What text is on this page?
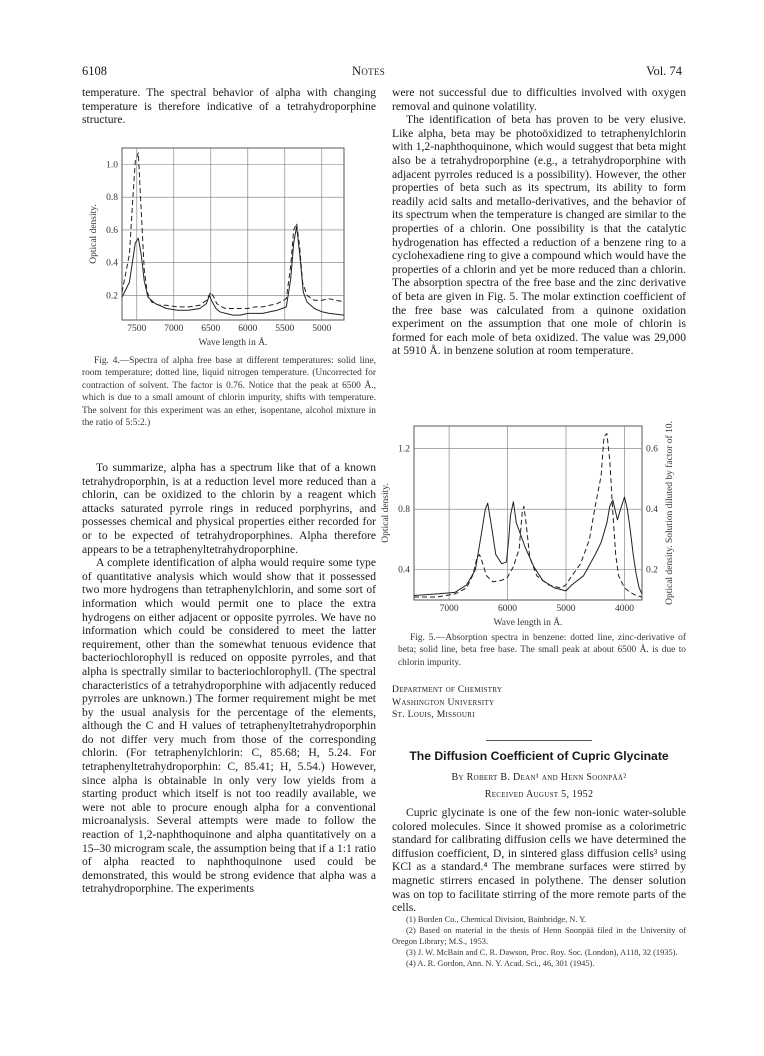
6108	Notes	Vol. 74

temperature. The spectral behavior of alpha with changing temperature is therefore indicative of a tetrahydroporphine structure.

7500 7000 6500 6000 5500 5000
0.2
0.4
0.6
0.8
1.0
Wave length in Å.
Optical density.

Fig. 4.—Spectra of alpha free base at different temperatures: solid line, room temperature; dotted line, liquid nitrogen temperature. (Uncorrected for contraction of solvent. The factor is 0.76. Notice that the peak at 6500 Å., which is due to a small amount of chlorin impurity, shifts with temperature. The solvent for this experiment was an ether, isopentane, alcohol mixture in the ratio of 5:5:2.)

To summarize, alpha has a spectrum like that of a known tetrahydroporphin, is at a reduction level more reduced than a chlorin, can be oxidized to the chlorin by a reagent which attacks saturated pyrrole rings in reduced porphyrins, and possesses chemical and physical properties either recorded for or to be expected of tetrahydroporphines. Alpha therefore appears to be a tetraphenyltetrahydroporphine.

A complete identification of alpha would require some type of quantitative analysis which would show that it possessed two more hydrogens than tetraphenylchlorin, and some sort of information which would permit one to place the extra hydrogens on either adjacent or opposite pyrroles. We have no information which could be considered to meet the latter requirement, other than the somewhat tenuous evidence that bacteriochlorophyll is reduced on opposite pyrroles, and that alpha is spectrally similar to bacteriochlorophyll. (The spectral characteristics of a tetrahydroporphine with adjacently reduced pyrroles are unknown.) The former requirement might be met by the usual analysis for the percentage of the elements, although the C and H values of tetraphenyltetrahydroporphin do not differ very much from those of the corresponding chlorin. (For tetraphenylchlorin: C, 85.68; H, 5.24. For tetraphenyltetrahydroporphin: C, 85.41; H, 5.54.) However, since alpha is obtainable in only very low yields from a starting product which itself is not too readily available, we were not able to procure enough alpha for a conventional microanalysis. Several attempts were made to follow the reaction of 1,2-naphthoquinone and alpha quantitatively on a 15–30 microgram scale, the assumption being that if a 1:1 ratio of alpha reacted to naphthoquinone used could be demonstrated, this would be strong evidence that alpha was a tetrahydroporphine. The experiments

were not successful due to difficulties involved with oxygen removal and quinone volatility.

The identification of beta has proven to be very elusive. Like alpha, beta may be photoöxidized to tetraphenylchlorin with 1,2-naphthoquinone, which would suggest that beta might also be a tetrahydroporphine (e.g., a tetrahydroporphine with adjacent pyrroles reduced is a possibility). However, the other properties of beta such as its spectrum, its ability to form readily acid salts and metallo-derivatives, and the behavior of its spectrum when the temperature is changed are similar to the properties of a chlorin. One possibility is that the catalytic hydrogenation has effected a reduction of a benzene ring to a cyclohexadiene ring to give a compound which would have the properties of a chlorin and yet be more reduced than a chlorin. The absorption spectra of the free base and the zinc derivative of beta are given in Fig. 5. The molar extinction coefficient of the free base was calculated from a quinone oxidation experiment on the assumption that one mole of chlorin is formed for each mole of beta oxidized. The value was 29,000 at 5910 Å. in benzene solution at room temperature.

7000	6000	5000	4000
0.4
0.8
1.2
0.2
0.4
0.6
Wave length in Å.
Optical density.	Optical density. Solution diluted by factor of 10.

Fig. 5.—Absorption spectra in benzene: dotted line, zinc-derivative of beta; solid line, beta free base. The small peak at about 6500 Å. is due to chlorin impurity.

Department of Chemistry
Washington University
St. Louis, Missouri
The Diffusion Coefficient of Cupric Glycinate
By Robert B. Dean¹ and Henn Soonpää²
Received August 5, 1952

Cupric glycinate is one of the few non-ionic water-soluble colored molecules. Since it showed promise as a colorimetric standard for calibrating diffusion cells we have determined the diffusion coefficient, D, in sintered glass diffusion cells³ using KCl as a standard.⁴ The membrane surfaces were stirred by magnetic stirrers encased in polythene. The denser solution was on top to facilitate stirring of the more remote parts of the cells.

(1) Borden Co., Chemical Division, Bainbridge, N. Y.

(2) Based on material in the thesis of Henn Soonpää filed in the University of Oregon Library; M.S., 1953.

(3) J. W. McBain and C. R. Dawson, Proc. Roy. Soc. (London), A118, 32 (1935).

(4) A. R. Gordon, Ann. N. Y. Acad. Sci., 46, 301 (1945).
